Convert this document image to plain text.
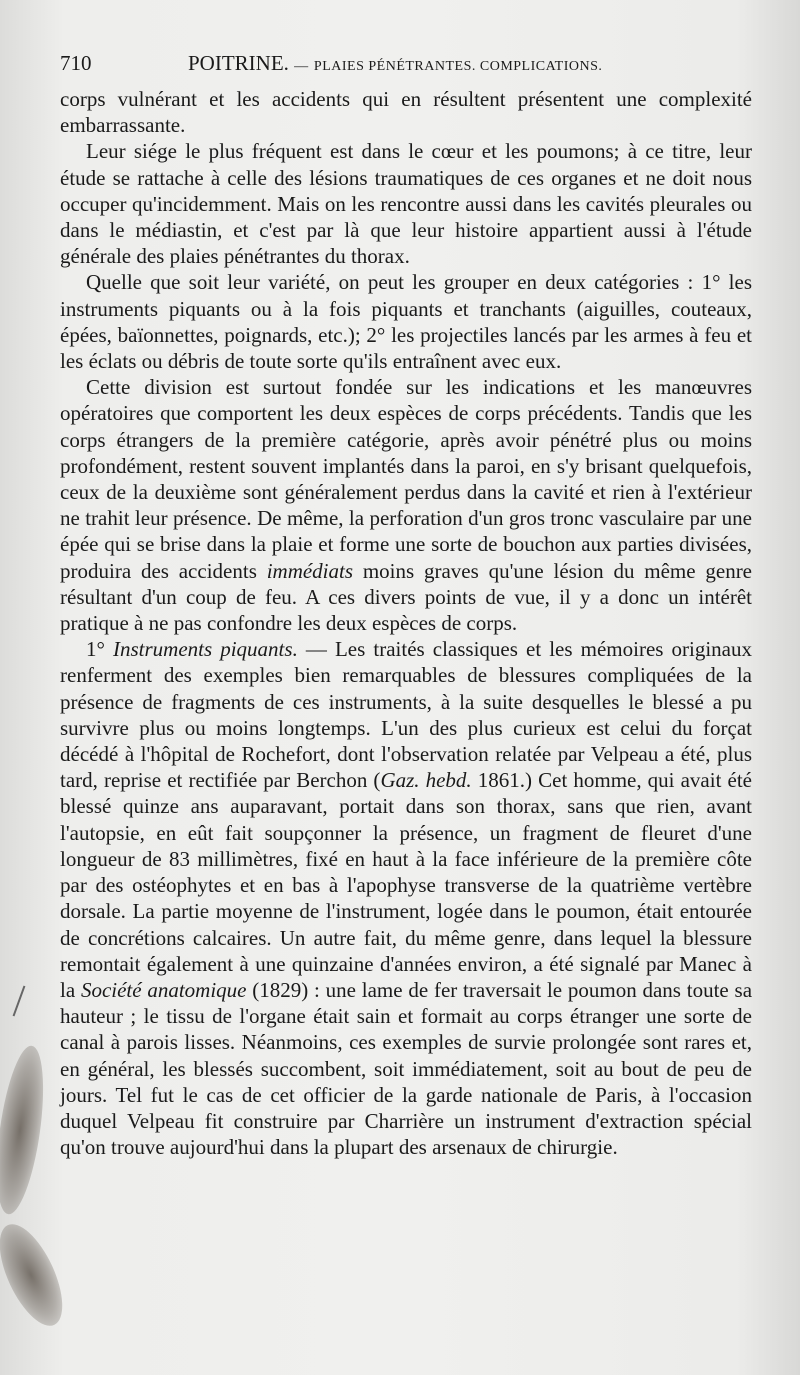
710	POITRINE. — PLAIES PÉNÉTRANTES. COMPLICATIONS.

corps vulnérant et les accidents qui en résultent présentent une complexité embarrassante.

Leur siége le plus fréquent est dans le cœur et les poumons; à ce titre, leur étude se rattache à celle des lésions traumatiques de ces organes et ne doit nous occuper qu'incidemment. Mais on les rencontre aussi dans les cavités pleurales ou dans le médiastin, et c'est par là que leur histoire appartient aussi à l'étude générale des plaies pénétrantes du thorax.

Quelle que soit leur variété, on peut les grouper en deux catégories : 1° les instruments piquants ou à la fois piquants et tranchants (aiguilles, couteaux, épées, baïonnettes, poignards, etc.); 2° les projectiles lancés par les armes à feu et les éclats ou débris de toute sorte qu'ils entraînent avec eux.

Cette division est surtout fondée sur les indications et les manœuvres opératoires que comportent les deux espèces de corps précédents. Tandis que les corps étrangers de la première catégorie, après avoir pénétré plus ou moins profondément, restent souvent implantés dans la paroi, en s'y brisant quelquefois, ceux de la deuxième sont généralement perdus dans la cavité et rien à l'extérieur ne trahit leur présence. De même, la perforation d'un gros tronc vasculaire par une épée qui se brise dans la plaie et forme une sorte de bouchon aux parties divisées, produira des accidents immédiats moins graves qu'une lésion du même genre résultant d'un coup de feu. A ces divers points de vue, il y a donc un intérêt pratique à ne pas confondre les deux espèces de corps.

1° Instruments piquants. — Les traités classiques et les mémoires originaux renferment des exemples bien remarquables de blessures compliquées de la présence de fragments de ces instruments, à la suite desquelles le blessé a pu survivre plus ou moins longtemps. L'un des plus curieux est celui du forçat décédé à l'hôpital de Rochefort, dont l'observation relatée par Velpeau a été, plus tard, reprise et rectifiée par Berchon (Gaz. hebd. 1861.) Cet homme, qui avait été blessé quinze ans auparavant, portait dans son thorax, sans que rien, avant l'autopsie, en eût fait soupçonner la présence, un fragment de fleuret d'une longueur de 83 millimètres, fixé en haut à la face inférieure de la première côte par des ostéophytes et en bas à l'apophyse transverse de la quatrième vertèbre dorsale. La partie moyenne de l'instrument, logée dans le poumon, était entourée de concrétions calcaires. Un autre fait, du même genre, dans lequel la blessure remontait également à une quinzaine d'années environ, a été signalé par Manec à la Société anatomique (1829) : une lame de fer traversait le poumon dans toute sa hauteur ; le tissu de l'organe était sain et formait au corps étranger une sorte de canal à parois lisses. Néanmoins, ces exemples de survie prolongée sont rares et, en général, les blessés succombent, soit immédiatement, soit au bout de peu de jours. Tel fut le cas de cet officier de la garde nationale de Paris, à l'occasion duquel Velpeau fit construire par Charrière un instrument d'extraction spécial qu'on trouve aujourd'hui dans la plupart des arsenaux de chirurgie.
